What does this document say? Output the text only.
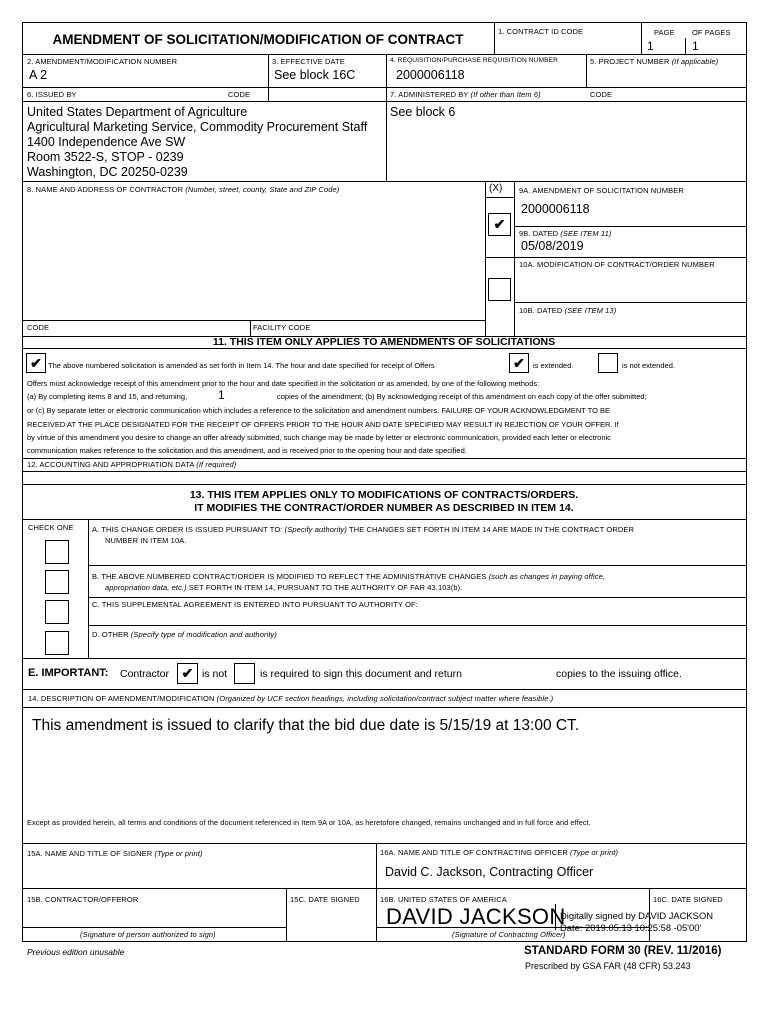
AMENDMENT OF SOLICITATION/MODIFICATION OF CONTRACT
1. CONTRACT ID CODE	PAGE OF PAGES
1	1
2. AMENDMENT/MODIFICATION NUMBER
A 2
3. EFFECTIVE DATE
See block 16C
4. REQUISITION/PURCHASE REQUISITION NUMBER
2000006118
5. PROJECT NUMBER (If applicable)
6. ISSUED BY	CODE	7. ADMINISTERED BY (If other than Item 6)	CODE
United States Department of Agriculture
Agricultural Marketing Service, Commodity Procurement Staff
1400 Independence Ave SW
Room 3522-S, STOP - 0239
Washington, DC 20250-0239
See block 6
8. NAME AND ADDRESS OF CONTRACTOR (Number, street, county, State and ZIP Code)	(X) 9A. AMENDMENT OF SOLICITATION NUMBER
2000006118
✔
9B. DATED (SEE ITEM 11)
05/08/2019
10A. MODIFICATION OF CONTRACT/ORDER NUMBER
10B. DATED (SEE ITEM 13)
CODE	FACILITY CODE
11. THIS ITEM ONLY APPLIES TO AMENDMENTS OF SOLICITATIONS
✔ The above numbered solicitation is amended as set forth in Item 14. The hour and date specified for receipt of Offers	✔	is extended.	is not extended.
Offers must acknowledge receipt of this amendment prior to the hour and date specified in the solicitation or as amended, by one of the following methods:
(a) By completing items 8 and 15, and returning,	1	copies of the amendment; (b) By acknowledging receipt of this amendment on each copy of the offer submitted;
or (c) By separate letter or electronic communication which includes a reference to the solicitation and amendment numbers. FAILURE OF YOUR ACKNOWLEDGMENT TO BE
RECEIVED AT THE PLACE DESIGNATED FOR THE RECEIPT OF OFFERS PRIOR TO THE HOUR AND DATE SPECIFIED MAY RESULT IN REJECTION OF YOUR OFFER. If
by virtue of this amendment you desire to change an offer already submitted, such change may be made by letter or electronic communication, provided each letter or electronic
communication makes reference to the solicitation and this amendment, and is received prior to the opening hour and date specified.
12. ACCOUNTING AND APPROPRIATION DATA (If required)
13. THIS ITEM APPLIES ONLY TO MODIFICATIONS OF CONTRACTS/ORDERS.
IT MODIFIES THE CONTRACT/ORDER NUMBER AS DESCRIBED IN ITEM 14.
CHECK ONE A. THIS CHANGE ORDER IS ISSUED PURSUANT TO: (Specify authority) THE CHANGES SET FORTH IN ITEM 14 ARE MADE IN THE CONTRACT ORDER
NUMBER IN ITEM 10A.
B. THE ABOVE NUMBERED CONTRACT/ORDER IS MODIFIED TO REFLECT THE ADMINISTRATIVE CHANGES (such as changes in paying office,
appropriation data, etc.) SET FORTH IN ITEM 14, PURSUANT TO THE AUTHORITY OF FAR 43.103(b).
C. THIS SUPPLEMENTAL AGREEMENT IS ENTERED INTO PURSUANT TO AUTHORITY OF:
D. OTHER (Specify type of modification and authority)
E. IMPORTANT: Contractor ✔ is not	is required to sign this document and return	copies to the issuing office.
14. DESCRIPTION OF AMENDMENT/MODIFICATION (Organized by UCF section headings, including solicitation/contract subject matter where feasible.)
This amendment is issued to clarify that the bid due date is 5/15/19 at 13:00 CT.
Except as provided herein, all terms and conditions of the document referenced in Item 9A or 10A, as heretofore changed, remains unchanged and in full force and effect.
15A. NAME AND TITLE OF SIGNER (Type or print)	16A. NAME AND TITLE OF CONTRACTING OFFICER (Type or print)
David C. Jackson, Contracting Officer
15B. CONTRACTOR/OFFEROR	15C. DATE SIGNED	16B. UNITED STATES OF AMERICA	16C. DATE SIGNED
(Signature of person authorized to sign)
DAVID JACKSON
Digitally signed by DAVID JACKSON
Date: 2019.05.13 10:25:58 -05'00'
(Signature of Contracting Officer)
Previous edition unusable	STANDARD FORM 30 (REV. 11/2016)
Prescribed by GSA FAR (48 CFR) 53.243
